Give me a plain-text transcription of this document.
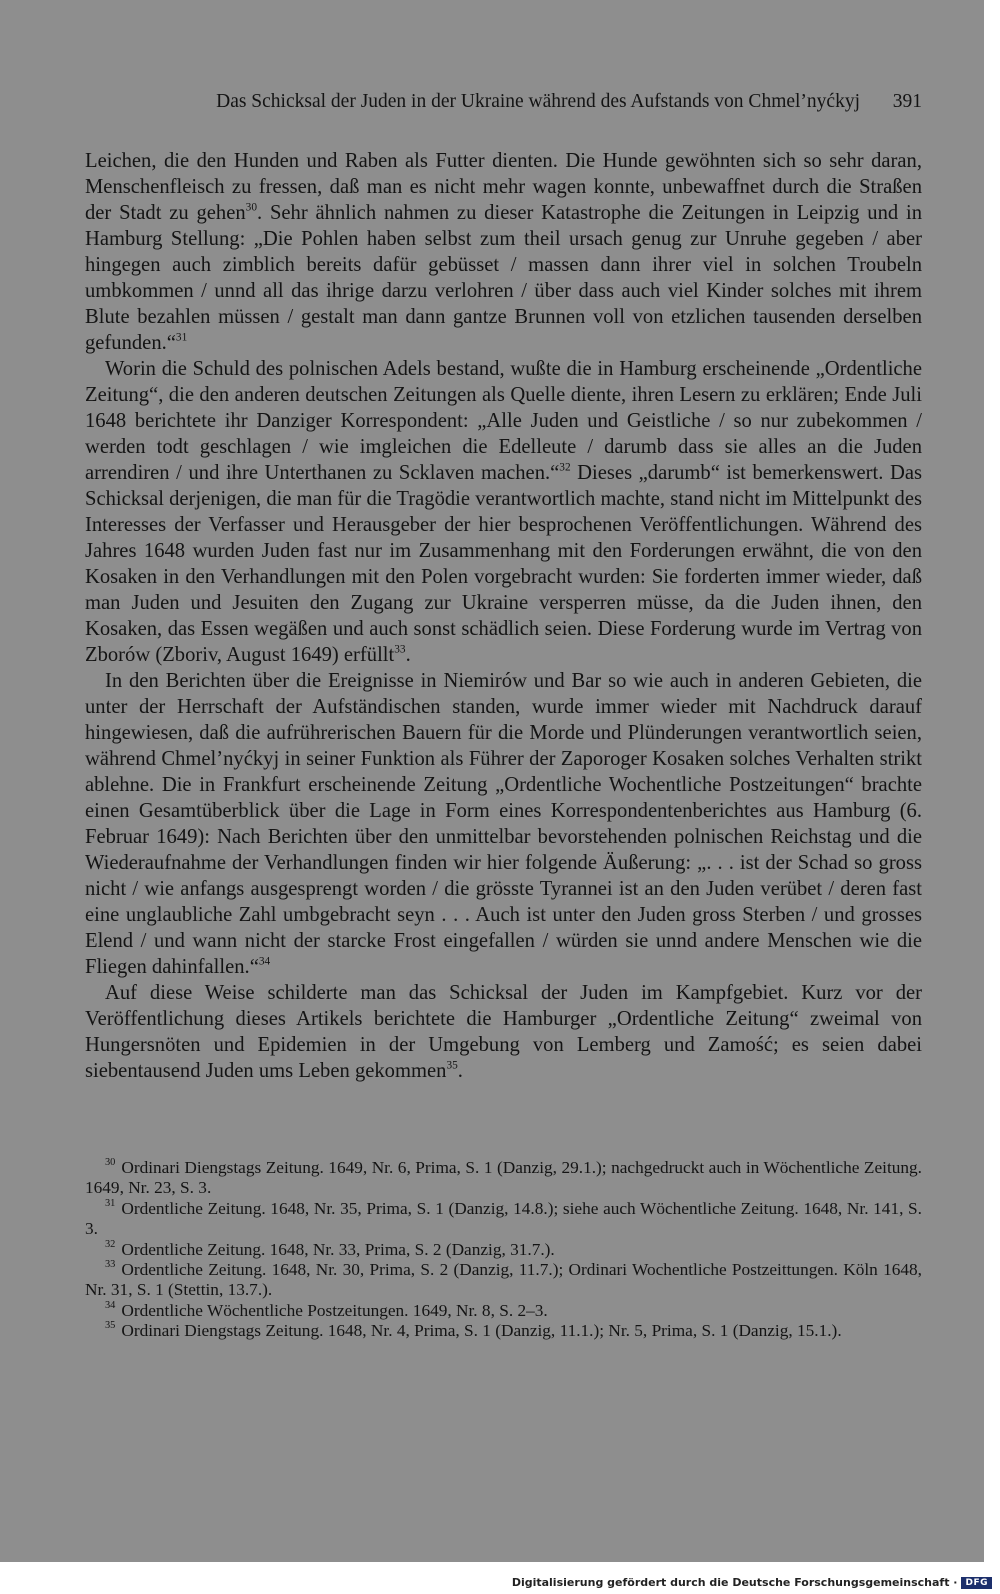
Das Schicksal der Juden in der Ukraine während des Aufstands von Chmel’nyćkyj 391

Leichen, die den Hunden und Raben als Futter dienten. Die Hunde gewöhnten sich so sehr daran, Menschenfleisch zu fressen, daß man es nicht mehr wagen konnte, unbewaffnet durch die Straßen der Stadt zu gehen$^{30}$. Sehr ähnlich nahmen zu dieser Katastrophe die Zeitungen in Leipzig und in Hamburg Stellung: „Die Pohlen haben selbst zum theil ursach genug zur Unruhe gegeben / aber hingegen auch zimblich bereits dafür gebüsset / massen dann ihrer viel in solchen Troubeln umbkommen / unnd all das ihrige darzu verlohren / über dass auch viel Kinder solches mit ihrem Blute bezahlen müssen / gestalt man dann gantze Brunnen voll von etzlichen tausenden derselben gefunden.“$^{31}$

Worin die Schuld des polnischen Adels bestand, wußte die in Hamburg erscheinende „Ordentliche Zeitung“, die den anderen deutschen Zeitungen als Quelle diente, ihren Lesern zu erklären; Ende Juli 1648 berichtete ihr Danziger Korrespondent: „Alle Juden und Geistliche / so nur zubekommen / werden todt geschlagen / wie imgleichen die Edelleute / darumb dass sie alles an die Juden arrendiren / und ihre Unterthanen zu Scklaven machen.“$^{32}$ Dieses „darumb“ ist bemerkenswert. Das Schicksal derjenigen, die man für die Tragödie verantwortlich machte, stand nicht im Mittelpunkt des Interesses der Verfasser und Herausgeber der hier besprochenen Veröffentlichungen. Während des Jahres 1648 wurden Juden fast nur im Zusammenhang mit den Forderungen erwähnt, die von den Kosaken in den Verhandlungen mit den Polen vorgebracht wurden: Sie forderten immer wieder, daß man Juden und Jesuiten den Zugang zur Ukraine versperren müsse, da die Juden ihnen, den Kosaken, das Essen wegäßen und auch sonst schädlich seien. Diese Forderung wurde im Vertrag von Zborów (Zboriv, August 1649) erfüllt$^{33}$.

In den Berichten über die Ereignisse in Niemirów und Bar so wie auch in anderen Gebieten, die unter der Herrschaft der Aufständischen standen, wurde immer wieder mit Nachdruck darauf hingewiesen, daß die aufrührerischen Bauern für die Morde und Plünderungen verantwortlich seien, während Chmel’nyćkyj in seiner Funktion als Führer der Zaporoger Kosaken solches Verhalten strikt ablehne. Die in Frankfurt erscheinende Zeitung „Ordentliche Wochentliche Postzeitungen“ brachte einen Gesamtüberblick über die Lage in Form eines Korrespondentenberichtes aus Hamburg (6. Februar 1649): Nach Berichten über den unmittelbar bevorstehenden polnischen Reichstag und die Wiederaufnahme der Verhandlungen finden wir hier folgende Äußerung: „. . . ist der Schad so gross nicht / wie anfangs ausgesprengt worden / die grösste Tyrannei ist an den Juden verübet / deren fast eine unglaubliche Zahl umbgebracht seyn . . . Auch ist unter den Juden gross Sterben / und grosses Elend / und wann nicht der starcke Frost eingefallen / würden sie unnd andere Menschen wie die Fliegen dahinfallen.“$^{34}$

Auf diese Weise schilderte man das Schicksal der Juden im Kampfgebiet. Kurz vor der Veröffentlichung dieses Artikels berichtete die Hamburger „Ordentliche Zeitung“ zweimal von Hungersnöten und Epidemien in der Umgebung von Lemberg und Zamość; es seien dabei siebentausend Juden ums Leben gekommen$^{35}$.

$^{30}$ Ordinari Diengstags Zeitung. 1649, Nr. 6, Prima, S. 1 (Danzig, 29.1.); nachgedruckt auch in Wöchentliche Zeitung. 1649, Nr. 23, S. 3.

$^{31}$ Ordentliche Zeitung. 1648, Nr. 35, Prima, S. 1 (Danzig, 14.8.); siehe auch Wöchentliche Zeitung. 1648, Nr. 141, S. 3.

$^{32}$ Ordentliche Zeitung. 1648, Nr. 33, Prima, S. 2 (Danzig, 31.7.).

$^{33}$ Ordentliche Zeitung. 1648, Nr. 30, Prima, S. 2 (Danzig, 11.7.); Ordinari Wochentliche Postzeittungen. Köln 1648, Nr. 31, S. 1 (Stettin, 13.7.).

$^{34}$ Ordentliche Wöchentliche Postzeitungen. 1649, Nr. 8, S. 2–3.

$^{35}$ Ordinari Diengstags Zeitung. 1648, Nr. 4, Prima, S. 1 (Danzig, 11.1.); Nr. 5, Prima, S. 1 (Danzig, 15.1.).

Digitalisierung gefördert durch die Deutsche Forschungsgemeinschaft · DFG
